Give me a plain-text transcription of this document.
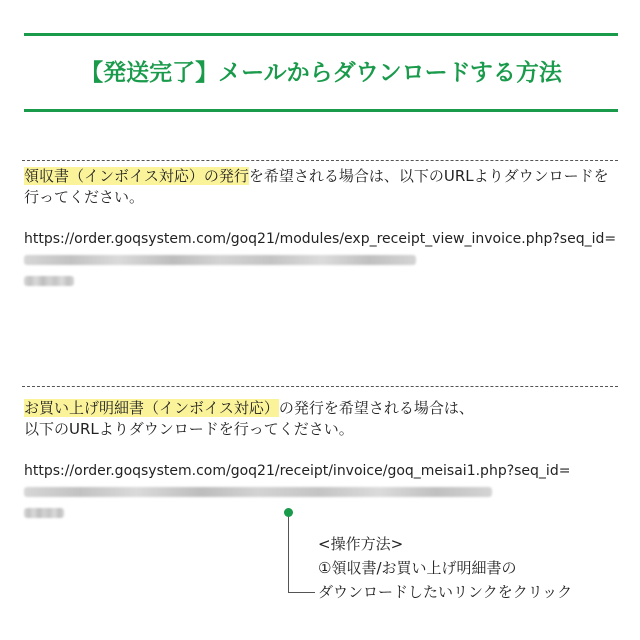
【発送完了】メールからダウンロードする方法

領収書（インボイス対応）の発行を希望される場合は、以下のURLよりダウンロードを行ってください。

https://order.goqsystem.com/goq21/modules/exp_receipt_view_invoice.php?seq_id=

お買い上げ明細書（インボイス対応）の発行を希望される場合は、
以下のURLよりダウンロードを行ってください。

https://order.goqsystem.com/goq21/receipt/invoice/goq_meisai1.php?seq_id=

<操作方法>
①領収書/お買い上げ明細書の
ダウンロードしたいリンクをクリック
